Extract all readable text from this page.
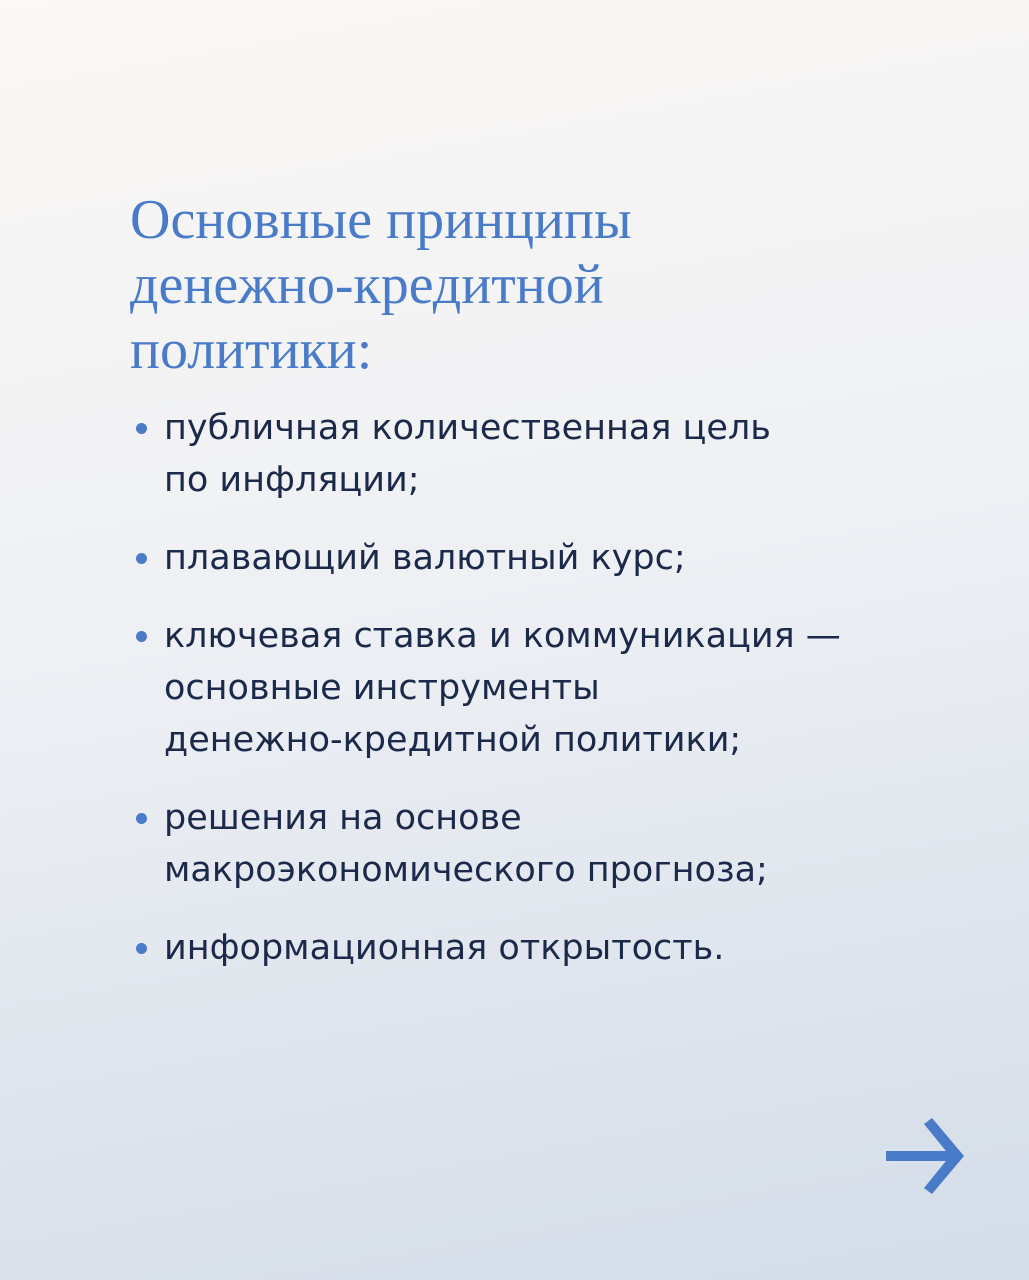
Основные принципы
денежно-кредитной
политики:
публичная количественная цель
по инфляции;
плавающий валютный курс;
ключевая ставка и коммуникация —
основные инструменты
денежно-кредитной политики;
решения на основе
макроэкономического прогноза;
информационная открытость.
